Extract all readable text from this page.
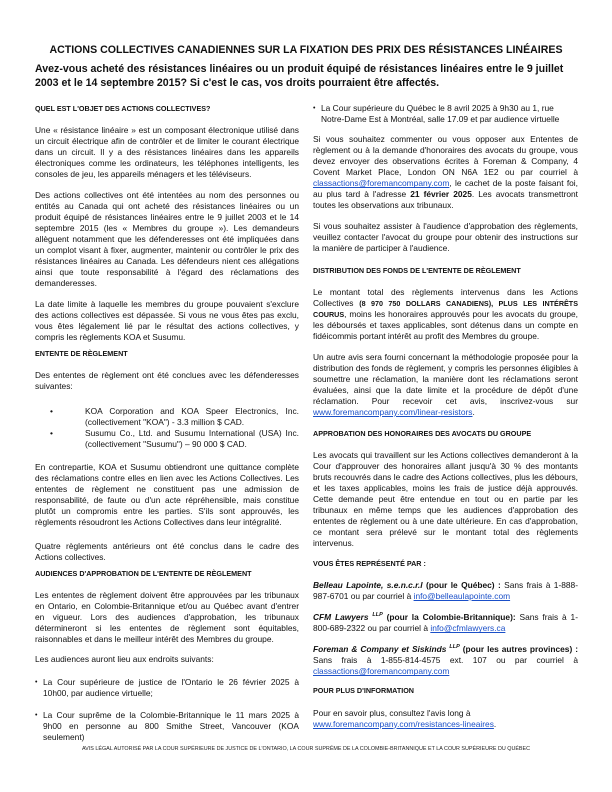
ACTIONS COLLECTIVES CANADIENNES SUR LA FIXATION DES PRIX DES RÉSISTANCES LINÉAIRES
Avez-vous acheté des résistances linéaires ou un produit équipé de résistances linéaires entre le 9 juillet 2003 et le 14 septembre 2015? Si c'est le cas, vos droits pourraient être affectés.
QUEL EST L'OBJET DES ACTIONS COLLECTIVES?

Une « résistance linéaire » est un composant électronique utilisé dans un circuit électrique afin de contrôler et de limiter le courant électrique dans un circuit. Il y a des résistances linéaires dans les appareils électroniques comme les ordinateurs, les téléphones intelligents, les consoles de jeu, les appareils ménagers et les téléviseurs.

Des actions collectives ont été intentées au nom des personnes ou entités au Canada qui ont acheté des résistances linéaires ou un produit équipé de résistances linéaires entre le 9 juillet 2003 et le 14 septembre 2015 (les « Membres du groupe »). Les demandeurs allèguent notamment que les défenderesses ont été impliquées dans un complot visant à fixer, augmenter, maintenir ou contrôler le prix des résistances linéaires au Canada. Les défendeurs nient ces allégations ainsi que toute responsabilité à l'égard des réclamations des demanderesses.

La date limite à laquelle les membres du groupe pouvaient s'exclure des actions collectives est dépassée. Si vous ne vous êtes pas exclu, vous êtes légalement lié par le résultat des actions collectives, y compris les règlements KOA et Susumu.

ENTENTE DE RÈGLEMENT

Des ententes de règlement ont été conclues avec les défenderesses suivantes:

• KOA Corporation and KOA Speer Electronics, Inc. (collectivement "KOA") - 3.3 million $ CAD.
• Susumu Co., Ltd. and Susumu International (USA) Inc. (collectivement "Susumu") – 90 000 $ CAD.

En contrepartie, KOA et Susumu obtiendront une quittance complète des réclamations contre elles en lien avec les Actions Collectives. Les ententes de règlement ne constituent pas une admission de responsabilité, de faute ou d'un acte répréhensible, mais constitue plutôt un compromis entre les parties. S'ils sont approuvés, les règlements résoudront les Actions Collectives dans leur intégralité.

Quatre règlements antérieurs ont été conclus dans le cadre des Actions collectives.

AUDIENCES D'APPROBATION DE L'ENTENTE DE RÈGLEMENT

Les ententes de règlement doivent être approuvées par les tribunaux en Ontario, en Colombie-Britannique et/ou au Québec avant d'entrer en vigueur. Lors des audiences d'approbation, les tribunaux détermineront si les ententes de règlement sont équitables, raisonnables et dans le meilleur intérêt des Membres du groupe.

Les audiences auront lieu aux endroits suivants:

• La Cour supérieure de justice de l'Ontario le 26 février 2025 à 10h00, par audience virtuelle;
• La Cour suprême de la Colombie-Britannique le 11 mars 2025 à 9h00 en personne au 800 Smithe Street, Vancouver (KOA seulement)
• La Cour supérieure du Québec le 8 avril 2025 à 9h30 au 1, rue Notre-Dame Est à Montréal, salle 17.09 et par audience virtuelle

Si vous souhaitez commenter ou vous opposer aux Ententes de règlement ou à la demande d'honoraires des avocats du groupe, vous devez envoyer des observations écrites à Foreman & Company, 4 Covent Market Place, London ON N6A 1E2 ou par courriel à classactions@foremancompany.com, le cachet de la poste faisant foi, au plus tard à l'adresse 21 février 2025. Les avocats transmettront toutes les observations aux tribunaux.

Si vous souhaitez assister à l'audience d'approbation des règlements, veuillez contacter l'avocat du groupe pour obtenir des instructions sur la manière de participer à l'audience.

DISTRIBUTION DES FONDS DE L'ENTENTE DE RÈGLEMENT

Le montant total des règlements intervenus dans les Actions Collectives (8 970 750 DOLLARS CANADIENS), PLUS LES INTÉRÊTS COURUS, moins les honoraires approuvés pour les avocats du groupe, les déboursés et taxes applicables, sont détenus dans un compte en fidéicommis portant intérêt au profit des Membres du groupe.

Un autre avis sera fourni concernant la méthodologie proposée pour la distribution des fonds de règlement, y compris les personnes éligibles à soumettre une réclamation, la manière dont les réclamations seront évaluées, ainsi que la date limite et la procédure de dépôt d'une réclamation. Pour recevoir cet avis, inscrivez-vous sur www.foremancompany.com/linear-resistors.

APPROBATION DES HONORAIRES DES AVOCATS DU GROUPE

Les avocats qui travaillent sur les Actions collectives demanderont à la Cour d'approuver des honoraires allant jusqu'à 30 % des montants bruts recouvrés dans le cadre des Actions collectives, plus les débours, et les taxes applicables, moins les frais de justice déjà approuvés. Cette demande peut être entendue en tout ou en partie par les tribunaux en même temps que les audiences d'approbation des ententes de règlement ou à une date ultérieure. En cas d'approbation, ce montant sera prélevé sur le montant total des règlements intervenus.

VOUS ÊTES REPRÉSENTÉ PAR :

Belleau Lapointe, s.e.n.c.r.l (pour le Québec) : Sans frais à 1-888-987-6701 ou par courriel à info@belleaulapointe.com

CFM Lawyers $^{LLP}$ (pour la Colombie-Britannique): Sans frais à 1-800-689-2322 ou par courriel à info@cfmlawyers.ca

Foreman & Company et Siskinds $^{LLP}$ (pour les autres provinces) : Sans frais à 1-855-814-4575 ext. 107 ou par courriel à classactions@foremancompany.com

POUR PLUS D'INFORMATION

Pour en savoir plus, consultez l'avis long à
www.foremancompany.com/resistances-lineaires.

AVIS LÉGAL AUTORISÉ PAR LA COUR SUPÉRIEURE DE JUSTICE DE L'ONTARIO, LA COUR SUPRÊME DE LA COLOMBIE-BRITANNIQUE ET LA COUR SUPÉRIEURE DU QUÉBEC
